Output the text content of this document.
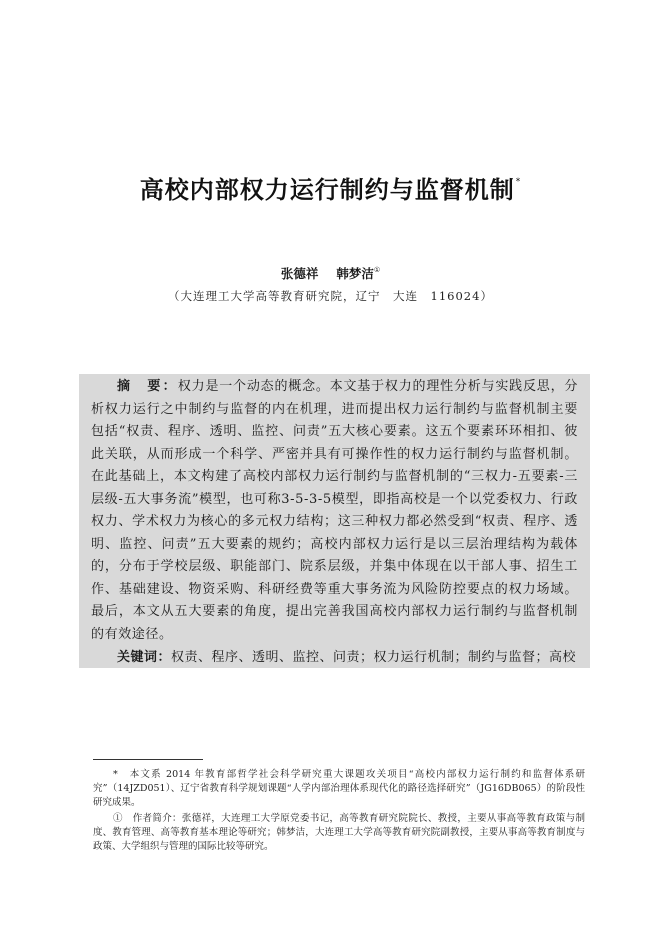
高校内部权力运行制约与监督机制*
张德祥 韩梦洁①
（大连理工大学高等教育研究院，辽宁　大连　116024）
摘　要：权力是一个动态的概念。本文基于权力的理性分析与实践反思，分析权力运行之中制约与监督的内在机理，进而提出权力运行制约与监督机制主要包括“权责、程序、透明、监控、问责”五大核心要素。这五个要素环环相扣、彼此关联，从而形成一个科学、严密并具有可操作性的权力运行制约与监督机制。在此基础上，本文构建了高校内部权力运行制约与监督机制的“三权力-五要素-三层级-五大事务流”模型，也可称3-5-3-5模型，即指高校是一个以党委权力、行政权力、学术权力为核心的多元权力结构；这三种权力都必然受到“权责、程序、透明、监控、问责”五大要素的规约；高校内部权力运行是以三层治理结构为载体的，分布于学校层级、职能部门、院系层级，并集中体现在以干部人事、招生工作、基础建设、物资采购、科研经费等重大事务流为风险防控要点的权力场域。最后，本文从五大要素的角度，提出完善我国高校内部权力运行制约与监督机制的有效途径。
关键词：权责、程序、透明、监控、问责；权力运行机制；制约与监督；高校

*　 本文系 2014 年教育部哲学社会科学研究重大课题攻关项目“高校内部权力运行制约和监督体系研究”（14JZD051）、辽宁省教育科学规划课题“人学内部治理体系现代化的路径选择研究”（JG16DB065）的阶段性研究成果。

①　 作者简介：张德祥，大连理工大学原党委书记，高等教育研究院院长、教授，主要从事高等教育政策与制度、教育管理、高等教育基本理论等研究；韩梦洁，大连理工大学高等教育研究院副教授，主要从事高等教育制度与政策、大学组织与管理的国际比较等研究。
